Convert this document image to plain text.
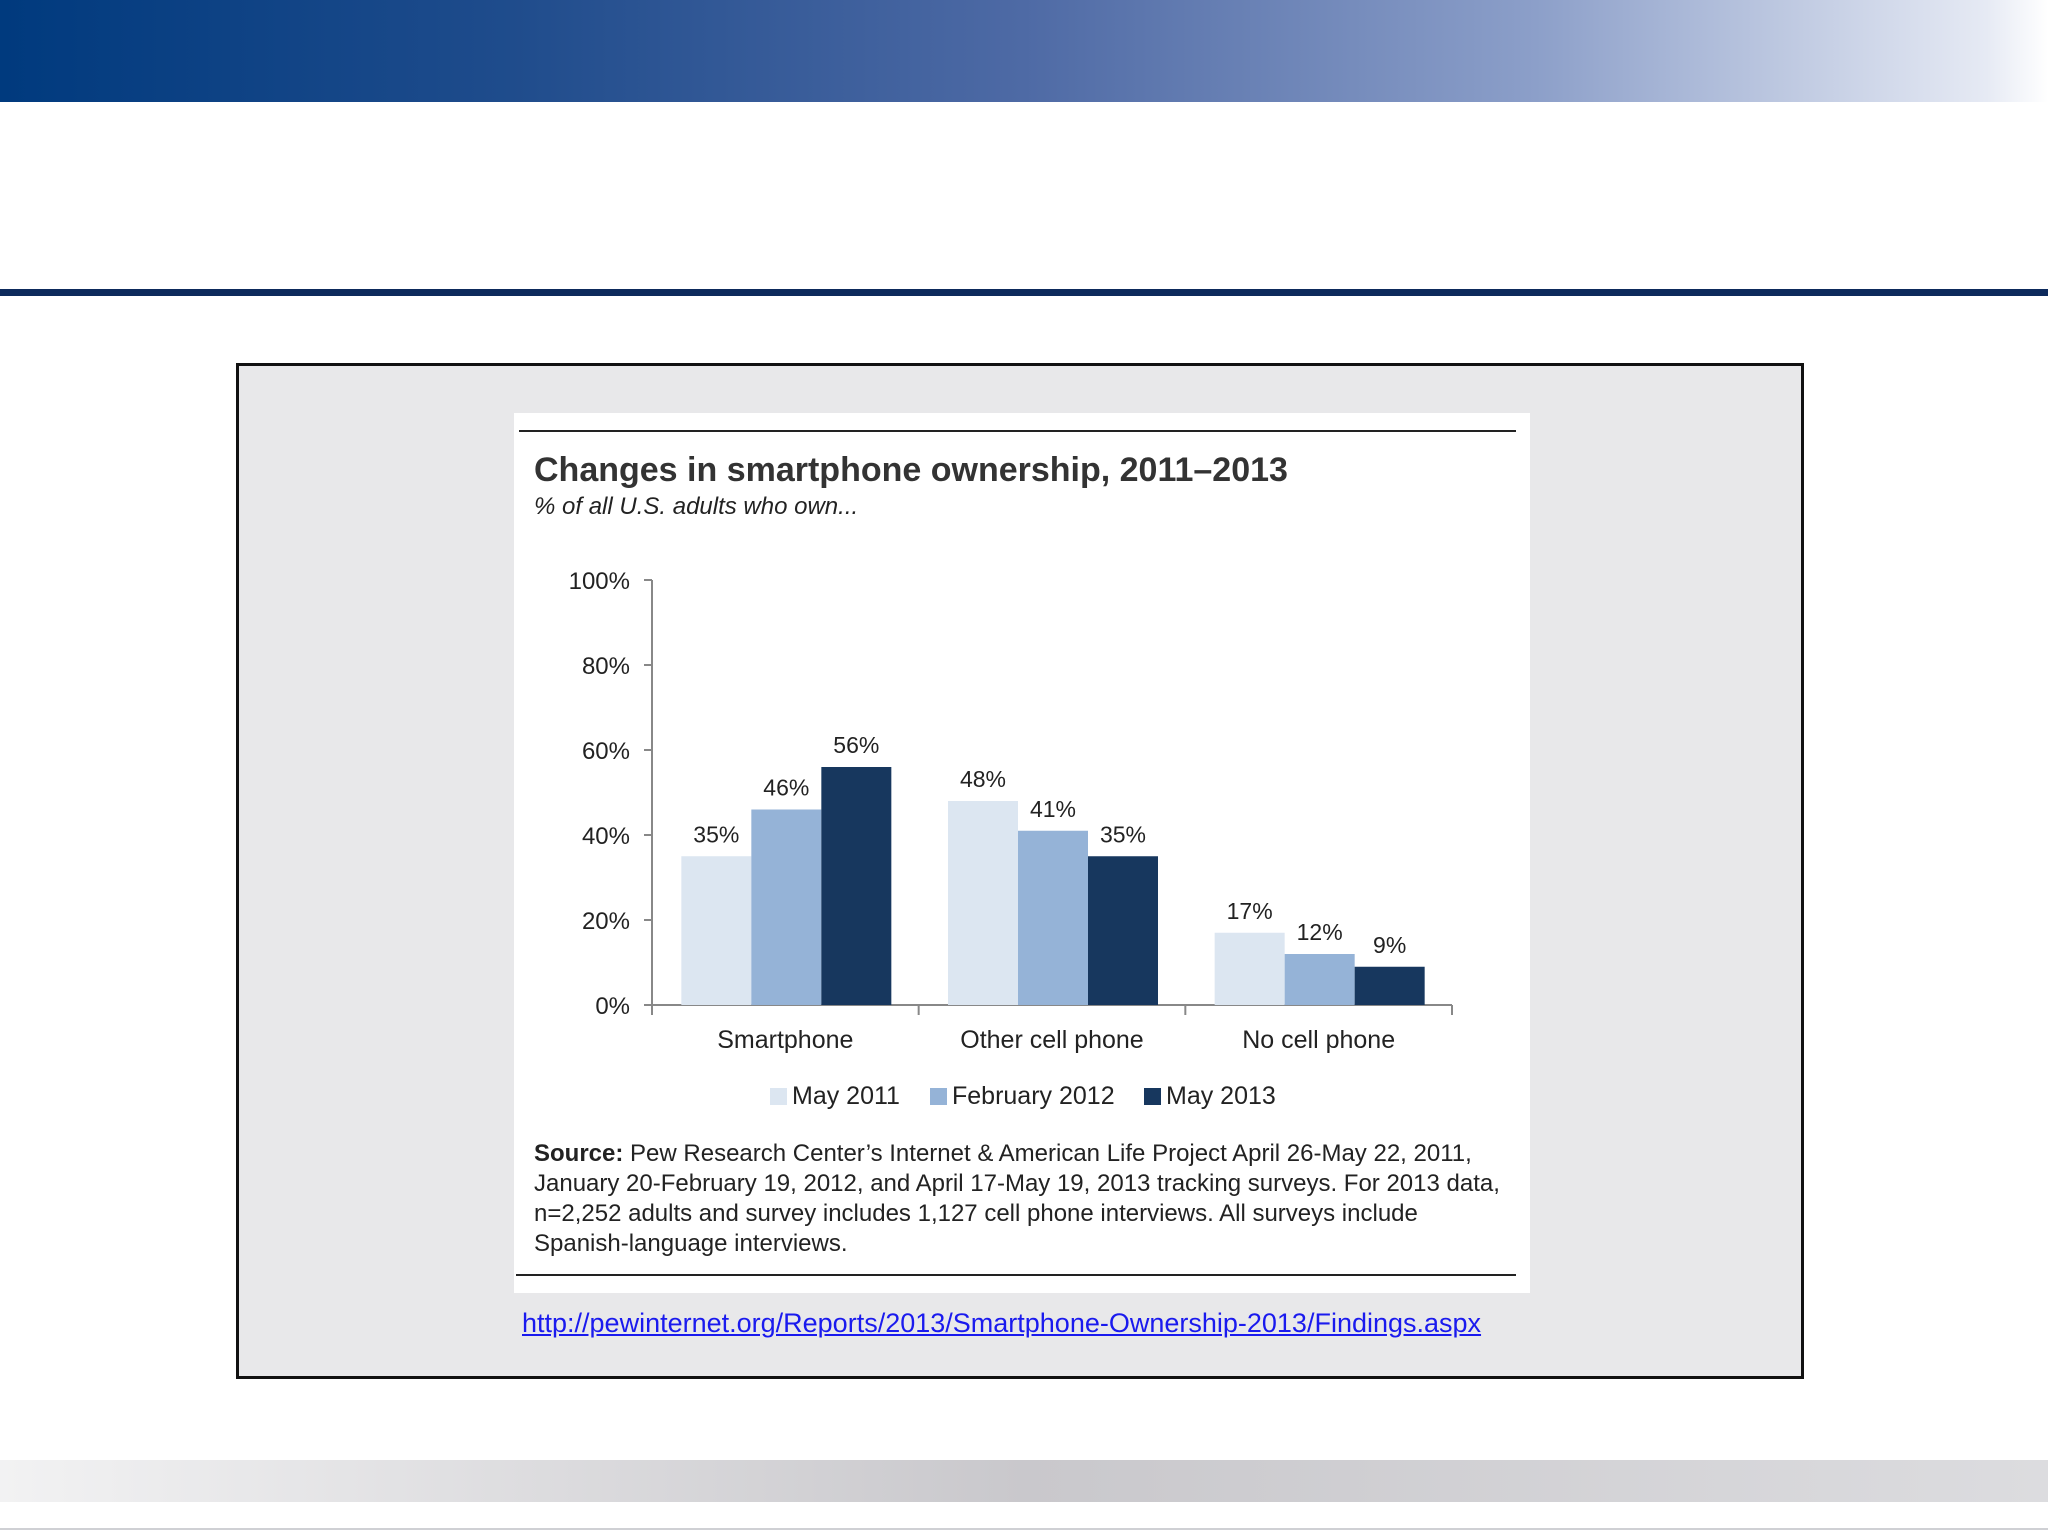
Changes in smartphone ownership, 2011–2013
% of all U.S. adults who own...
0%
20%
40%
60%
80%
100%
35%
46%
56%
Smartphone
48%
41%
35%
Other cell phone
17%
12% 9%
No cell phone
May 2011 February 2012 May 2013
Source: Pew Research Center’s Internet & American Life Project April 26-May 22, 2011, January 20-February 19, 2012, and April 17-May 19, 2013 tracking surveys. For 2013 data, n=2,252 adults and survey includes 1,127 cell phone interviews. All surveys include Spanish-language interviews.
http://pewinternet.org/Reports/2013/Smartphone-Ownership-2013/Findings.aspx
